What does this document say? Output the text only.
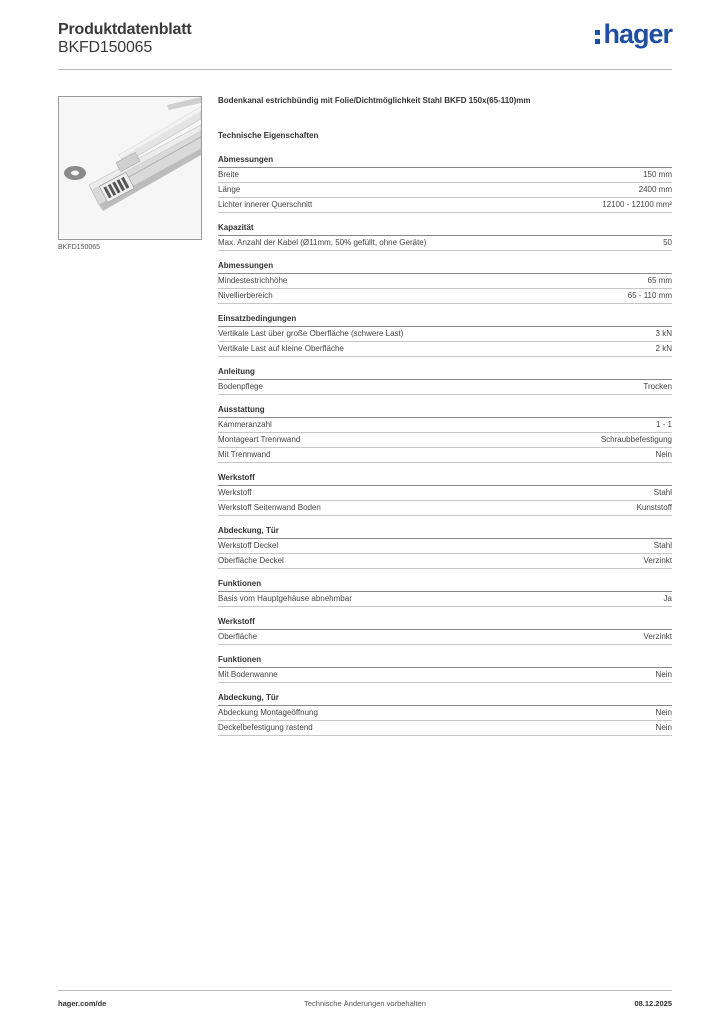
Produktdatenblatt
BKFD150065	hager
BKFD150065
Bodenkanal estrichbündig mit Folie/Dichtmöglichkeit Stahl BKFD 150x(65-110)mm
Technische Eigenschaften
Abmessungen
Breite	150 mm
Länge	2400 mm
Lichter innerer Querschnitt	12100 - 12100 mm²
Kapazität
Max. Anzahl der Kabel (Ø11mm, 50% gefüllt, ohne Geräte)	50
Abmessungen
Mindestestrichhöhe	65 mm
Nivellierbereich	65 - 110 mm
Einsatzbedingungen
Vertikale Last über große Oberfläche (schwere Last)	3 kN
Vertikale Last auf kleine Oberfläche	2 kN
Anleitung
Bodenpflege	Trocken
Ausstattung
Kammeranzahl	1 - 1
Montageart Trennwand	Schraubbefestigung
Mit Trennwand	Nein
Werkstoff
Werkstoff	Stahl
Werkstoff Seitenwand Boden	Kunststoff
Abdeckung, Tür
Werkstoff Deckel	Stahl
Oberfläche Deckel	Verzinkt
Funktionen
Basis vom Hauptgehäuse abnehmbar	Ja
Werkstoff
Oberfläche	Verzinkt
Funktionen
Mit Bodenwanne	Nein
Abdeckung, Tür
Abdeckung Montageöffnung	Nein
Deckelbefestigung rastend	Nein
hager.com/de	Technische Änderungen vorbehalten	08.12.2025
